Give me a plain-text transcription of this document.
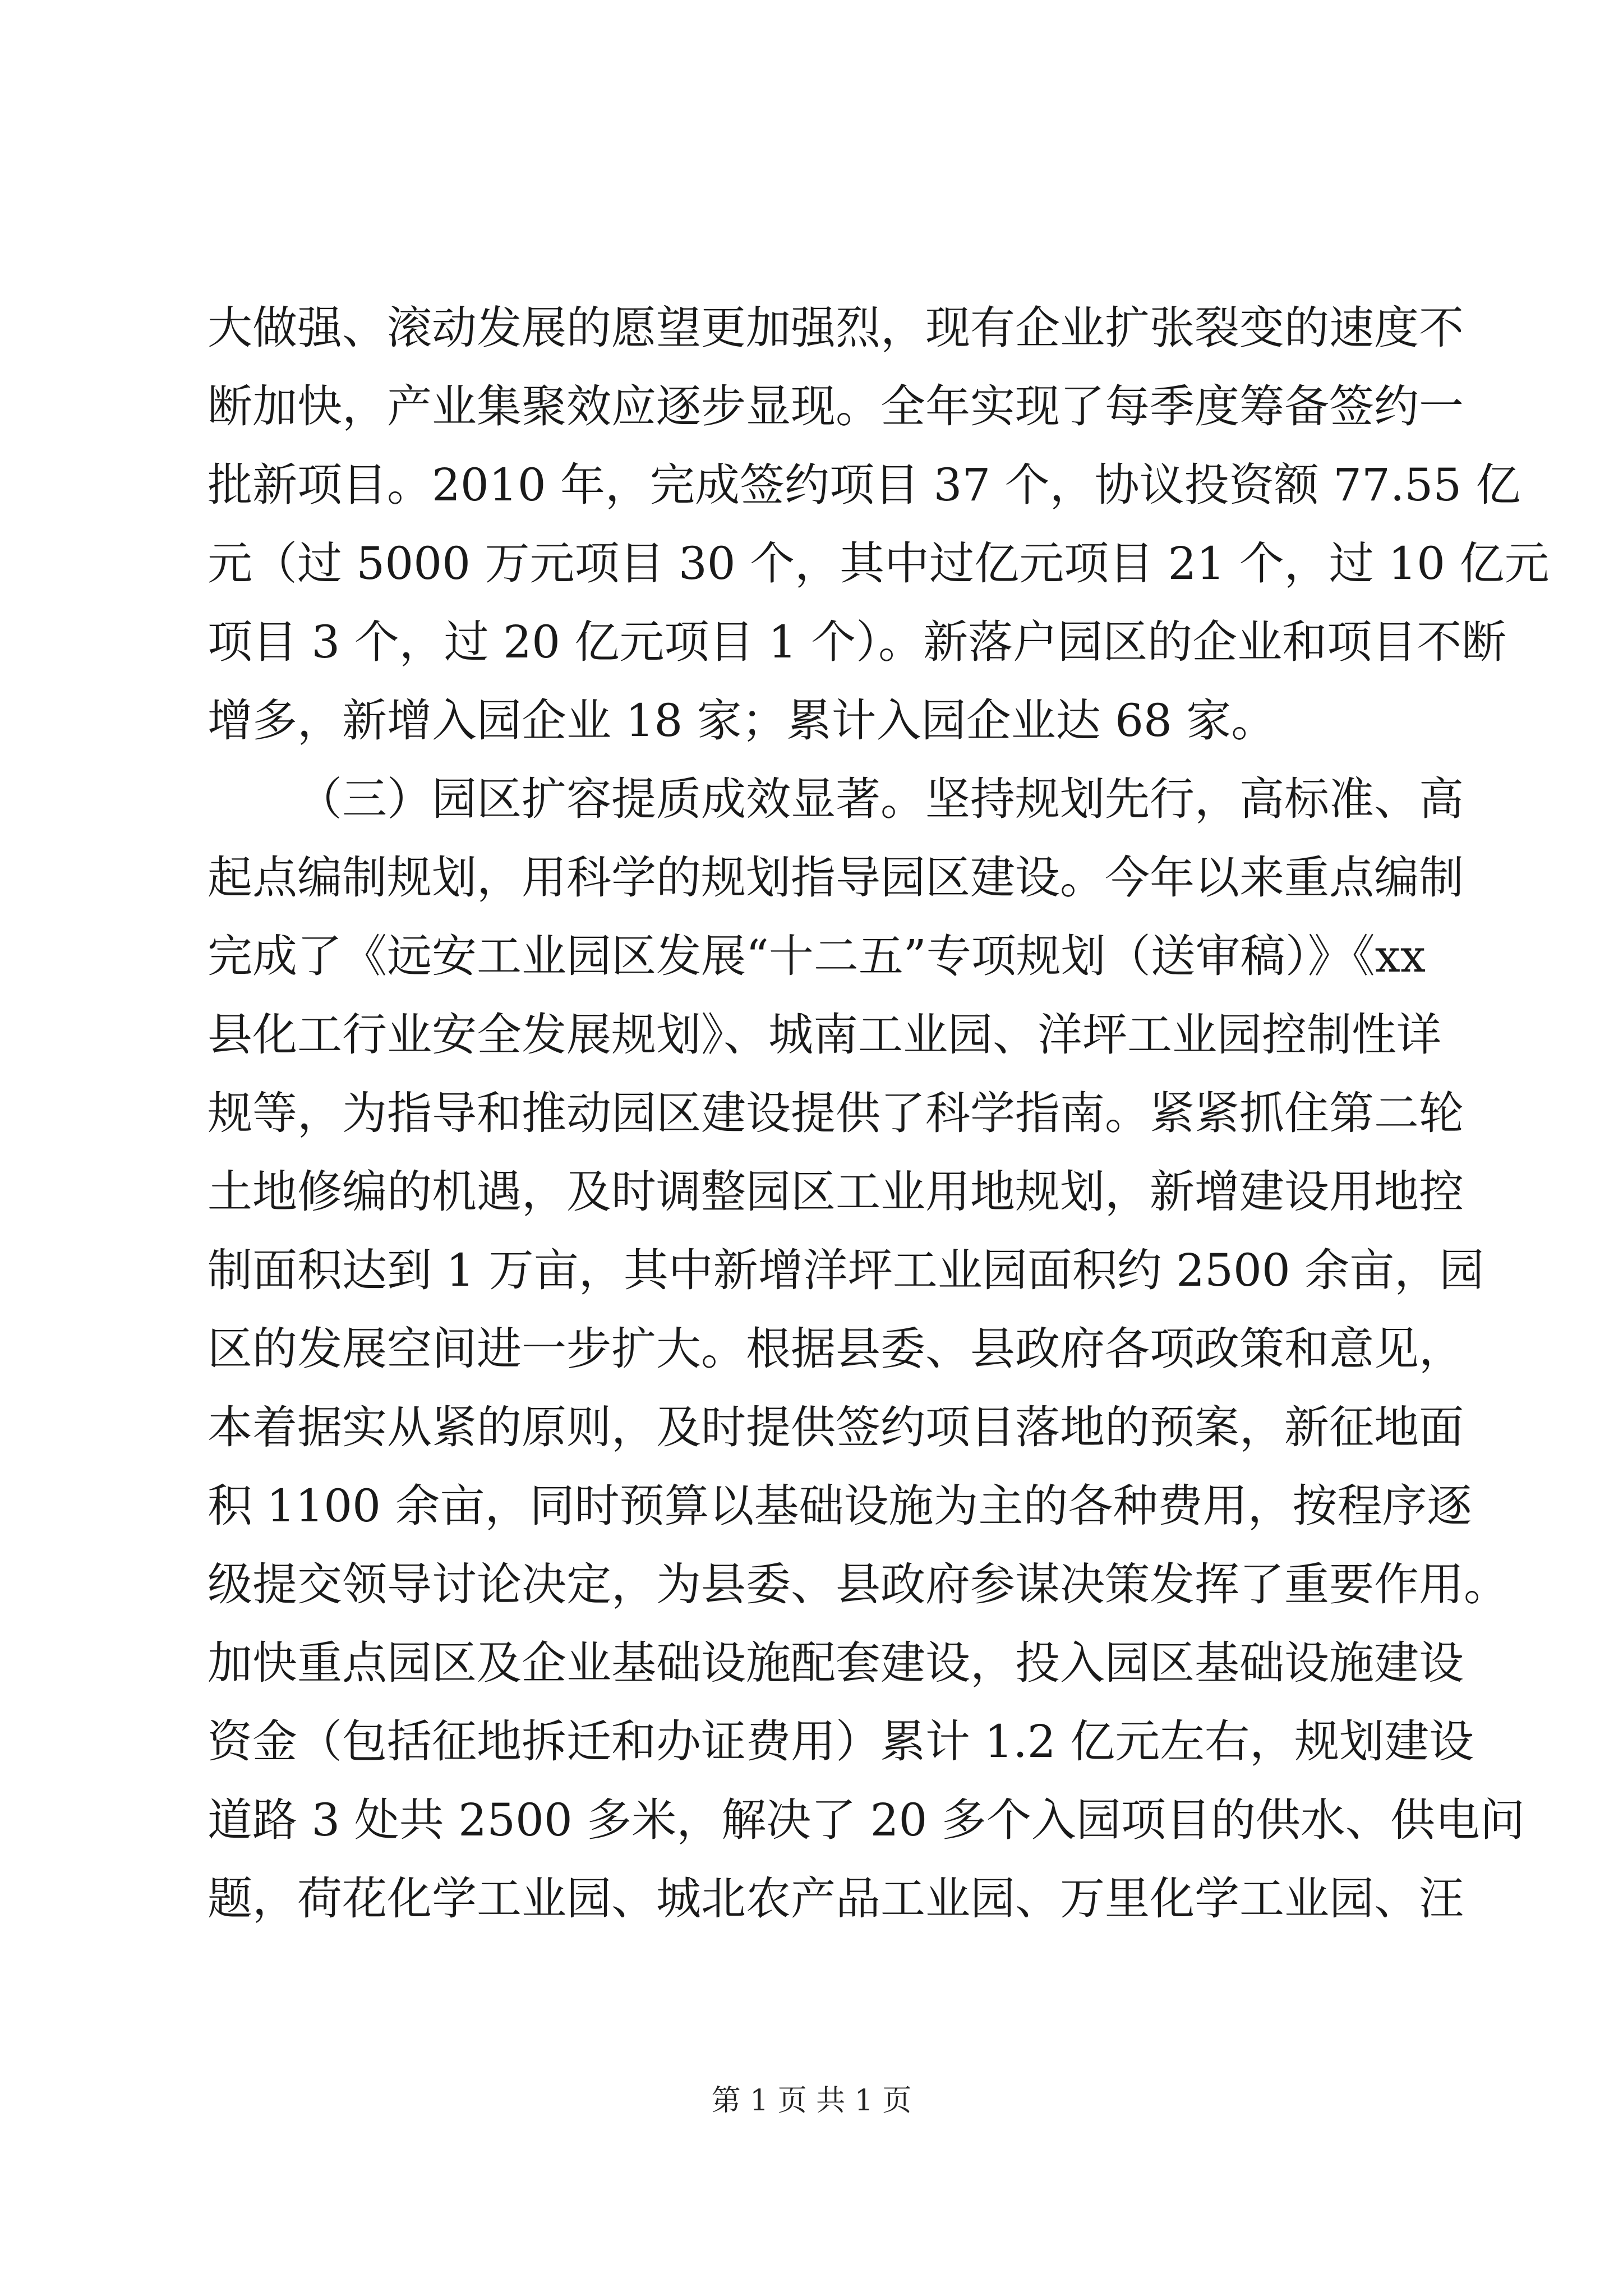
大做强、滚动发展的愿望更加强烈，现有企业扩张裂变的速度不
断加快，产业集聚效应逐步显现。全年实现了每季度筹备签约一
批新项目。2010 年，完成签约项目 37 个，协议投资额 77.55 亿
元（过 5000 万元项目 30 个，其中过亿元项目 21 个，过 10 亿元
项目 3 个，过 20 亿元项目 1 个）。新落户园区的企业和项目不断
增多，新增入园企业 18 家；累计入园企业达 68 家。
（三）园区扩容提质成效显著。坚持规划先行，高标准、高
起点编制规划，用科学的规划指导园区建设。今年以来重点编制
完成了《远安工业园区发展“十二五”专项规划（送审稿）》《xx
县化工行业安全发展规划》、城南工业园、洋坪工业园控制性详
规等，为指导和推动园区建设提供了科学指南。紧紧抓住第二轮
土地修编的机遇，及时调整园区工业用地规划，新增建设用地控
制面积达到 1 万亩，其中新增洋坪工业园面积约 2500 余亩，园
区的发展空间进一步扩大。根据县委、县政府各项政策和意见，
本着据实从紧的原则，及时提供签约项目落地的预案，新征地面
积 1100 余亩，同时预算以基础设施为主的各种费用，按程序逐
级提交领导讨论决定，为县委、县政府参谋决策发挥了重要作用。
加快重点园区及企业基础设施配套建设，投入园区基础设施建设
资金（包括征地拆迁和办证费用）累计 1.2 亿元左右，规划建设
道路 3 处共 2500 多米，解决了 20 多个入园项目的供水、供电问
题，荷花化学工业园、城北农产品工业园、万里化学工业园、汪
第 1 页 共 1 页
